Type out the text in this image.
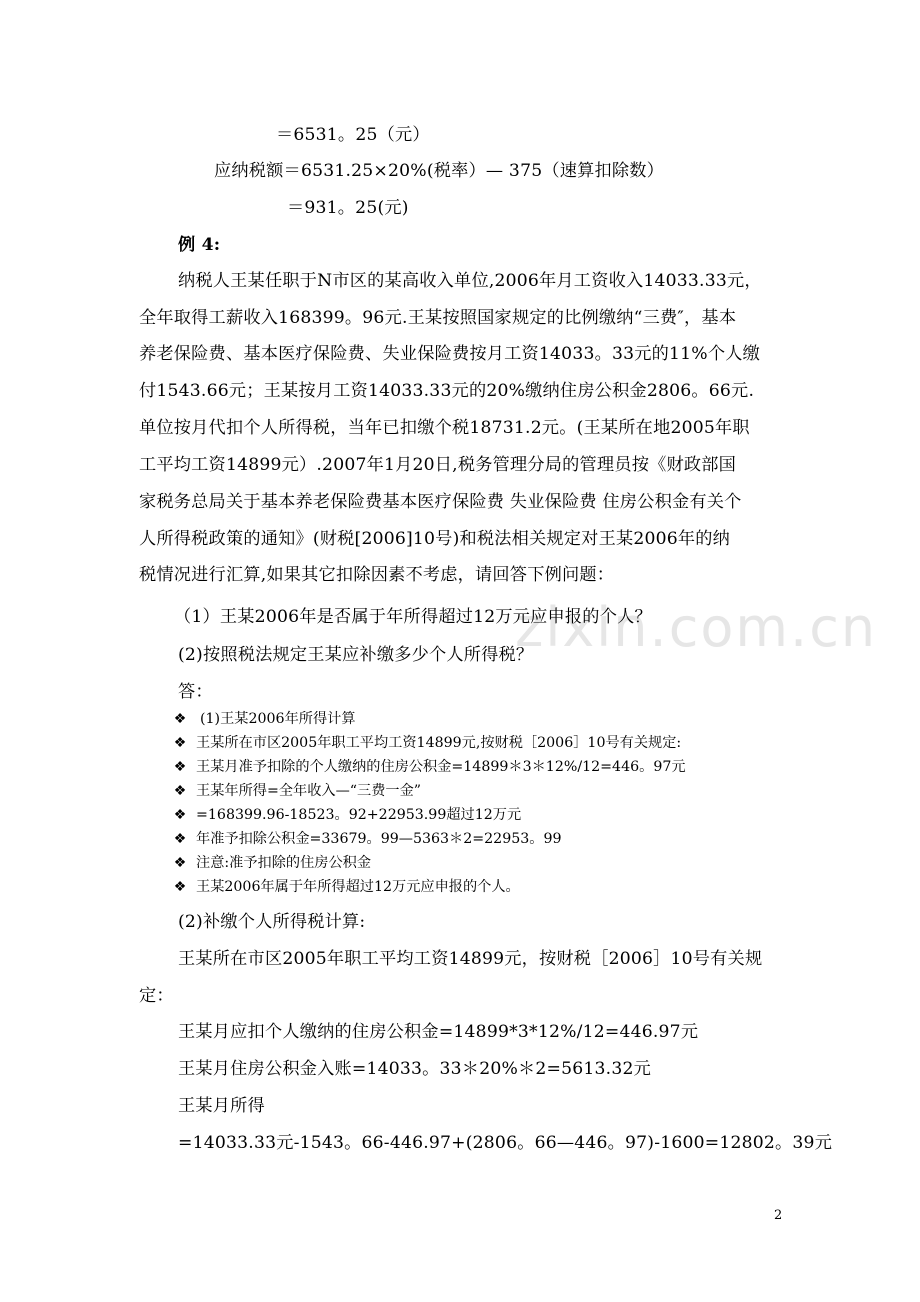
zixin.com.cn

＝6531。25（元）

应纳税额＝6531.25×20%(税率）— 375（速算扣除数）

＝931。25(元)

例 4:

纳税人王某任职于N市区的某高收入单位,2006年月工资收入14033.33元，

全年取得工薪收入168399。96元.王某按照国家规定的比例缴纳“三费″，基本

养老保险费、基本医疗保险费、失业保险费按月工资14033。33元的11%个人缴

付1543.66元；王某按月工资14033.33元的20%缴纳住房公积金2806。66元.

单位按月代扣个人所得税，当年已扣缴个税18731.2元。(王某所在地2005年职

工平均工资14899元）.2007年1月20日,税务管理分局的管理员按《财政部国

家税务总局关于基本养老保险费基本医疗保险费 失业保险费 住房公积金有关个

人所得税政策的通知》(财税[2006]10号)和税法相关规定对王某2006年的纳

税情况进行汇算,如果其它扣除因素不考虑，请回答下例问题：

（1）王某2006年是否属于年所得超过12万元应申报的个人？

(2)按照税法规定王某应补缴多少个人所得税？

答：

❖ (1)王某2006年所得计算

❖ 王某所在市区2005年职工平均工资14899元,按财税［2006］10号有关规定:

❖ 王某月准予扣除的个人缴纳的住房公积金=14899＊3＊12%/12=446。97元

❖ 王某年所得=全年收入—“三费一金”

❖ =168399.96-18523。92+22953.99超过12万元

❖ 年准予扣除公积金=33679。99—5363＊2=22953。99

❖ 注意:准予扣除的住房公积金

❖ 王某2006年属于年所得超过12万元应申报的个人。

(2)补缴个人所得税计算:

王某所在市区2005年职工平均工资14899元，按财税［2006］10号有关规

定：

王某月应扣个人缴纳的住房公积金=14899*3*12%/12=446.97元

王某月住房公积金入账=14033。33＊20%＊2=5613.32元

王某月所得

=14033.33元-1543。66-446.97+(2806。66—446。97)-1600=12802。39元

2
